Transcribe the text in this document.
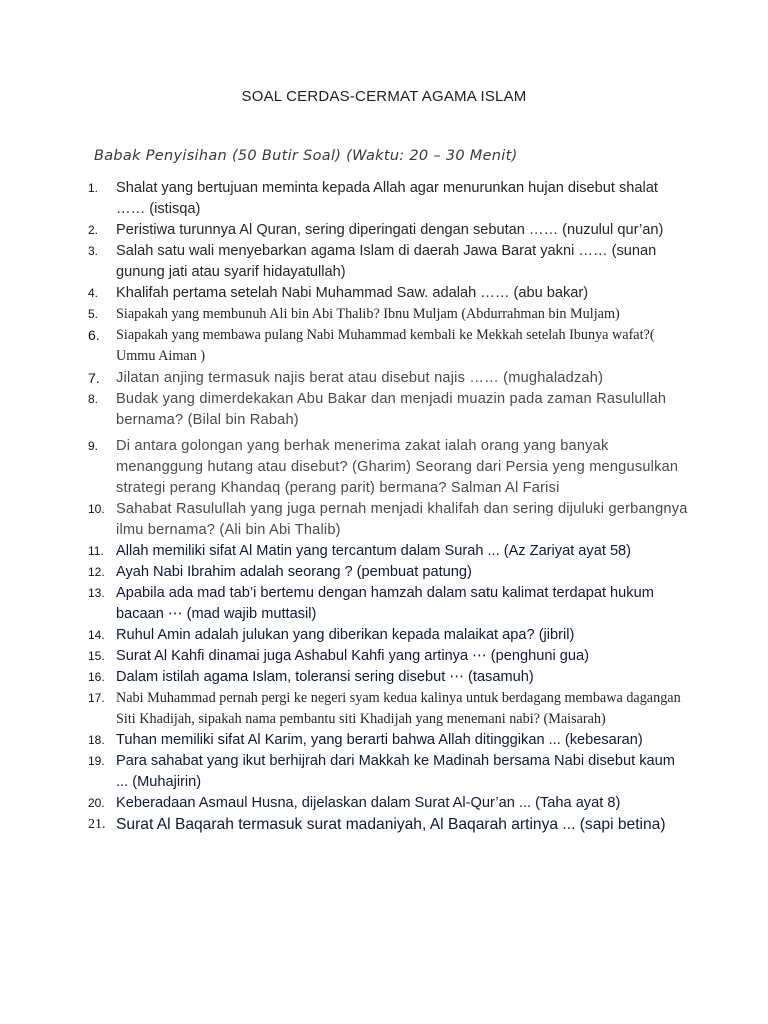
SOAL CERDAS-CERMAT AGAMA ISLAM
Babak Penyisihan (50 Butir Soal) (Waktu: 20 – 30 Menit)
1.	Shalat yang bertujuan meminta kepada Allah agar menurunkan hujan disebut shalat …… (istisqa)
2.	Peristiwa turunnya Al Quran, sering diperingati dengan sebutan …… (nuzulul qur’an)
3.	Salah satu wali menyebarkan agama Islam di daerah Jawa Barat yakni …… (sunan gunung jati atau syarif hidayatullah)
4.	Khalifah pertama setelah Nabi Muhammad Saw. adalah …… (abu bakar)
5.	Siapakah yang membunuh Ali bin Abi Thalib? Ibnu Muljam (Abdurrahman bin Muljam)
6.	Siapakah yang membawa pulang Nabi Muhammad kembali ke Mekkah setelah Ibunya wafat?( Ummu Aiman )
7.	Jilatan anjing termasuk najis berat atau disebut najis …… (mughaladzah)
8.	Budak yang dimerdekakan Abu Bakar dan menjadi muazin pada zaman Rasulullah bernama? (Bilal bin Rabah)
9.	Di antara golongan yang berhak menerima zakat ialah orang yang banyak menanggung hutang atau disebut? (Gharim) Seorang dari Persia yeng mengusulkan strategi perang Khandaq (perang parit) bermana? Salman Al Farisi
10. Sahabat Rasulullah yang juga pernah menjadi khalifah dan sering dijuluki gerbangnya ilmu bernama? (Ali bin Abi Thalib)
11. Allah memiliki sifat Al Matin yang tercantum dalam Surah ... (Az Zariyat ayat 58)
12. Ayah Nabi Ibrahim adalah seorang ? (pembuat patung)
13. Apabila ada mad tab’i bertemu dengan hamzah dalam satu kalimat terdapat hukum bacaan ⋯ (mad wajib muttasil)
14. Ruhul Amin adalah julukan yang diberikan kepada malaikat apa? (jibril)
15. Surat Al Kahfi dinamai juga Ashabul Kahfi yang artinya ⋯ (penghuni gua)
16. Dalam istilah agama Islam, toleransi sering disebut ⋯ (tasamuh)
17. Nabi Muhammad pernah pergi ke negeri syam kedua kalinya untuk berdagang membawa dagangan Siti Khadijah, sipakah nama pembantu siti Khadijah yang menemani nabi? (Maisarah)
18. Tuhan memiliki sifat Al Karim, yang berarti bahwa Allah ditinggikan ... (kebesaran)
19. Para sahabat yang ikut berhijrah dari Makkah ke Madinah bersama Nabi disebut kaum ... (Muhajirin)
20. Keberadaan Asmaul Husna, dijelaskan dalam Surat Al-Qur’an ... (Taha ayat 8)
21. Surat Al Baqarah termasuk surat madaniyah, Al Baqarah artinya ... (sapi betina)
